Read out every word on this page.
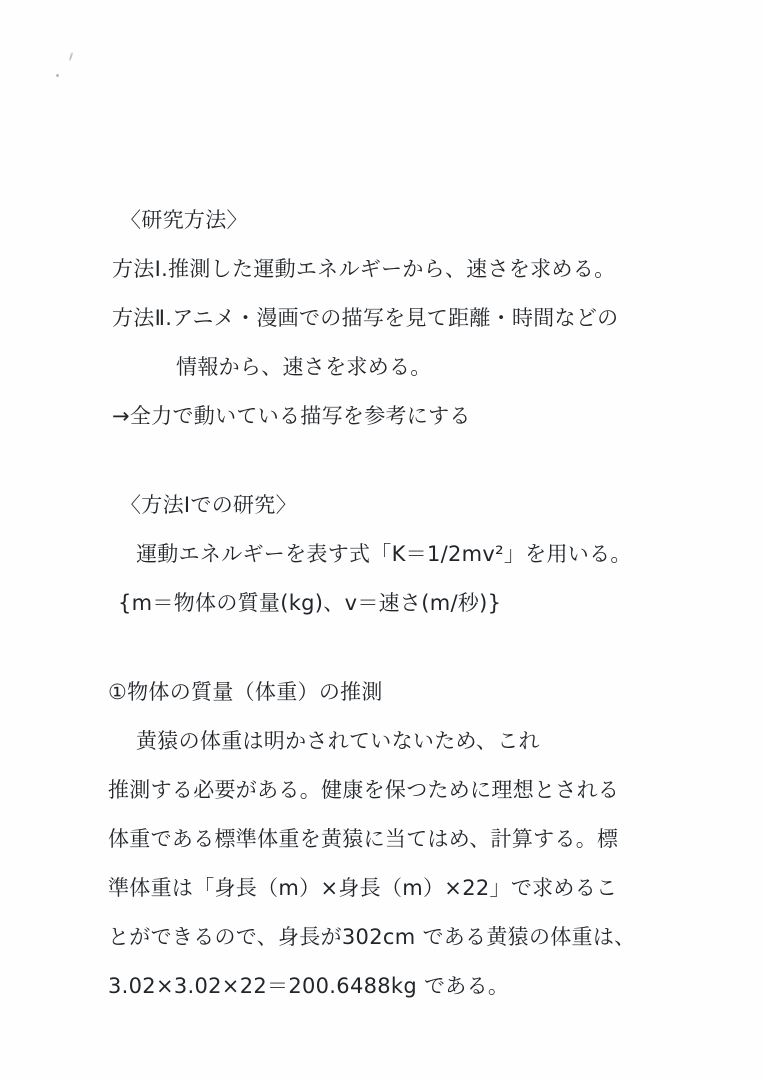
〈研究方法〉
方法Ⅰ.推測した運動エネルギーから、速さを求める。
方法Ⅱ.アニメ・漫画での描写を見て距離・時間などの
情報から、速さを求める。
→全力で動いている描写を参考にする
〈方法Ⅰでの研究〉
運動エネルギーを表す式「K＝1/2mv²」を用いる。
{m＝物体の質量(kg)、v＝速さ(m/秒)}
①物体の質量（体重）の推測
黄猿の体重は明かされていないため、これ
推測する必要がある。健康を保つために理想とされる
体重である標準体重を黄猿に当てはめ、計算する。標
準体重は「身長（m）×身長（m）×22」で求めるこ
とができるので、身長が302cm である黄猿の体重は、
3.02×3.02×22＝200.6488kg である。
